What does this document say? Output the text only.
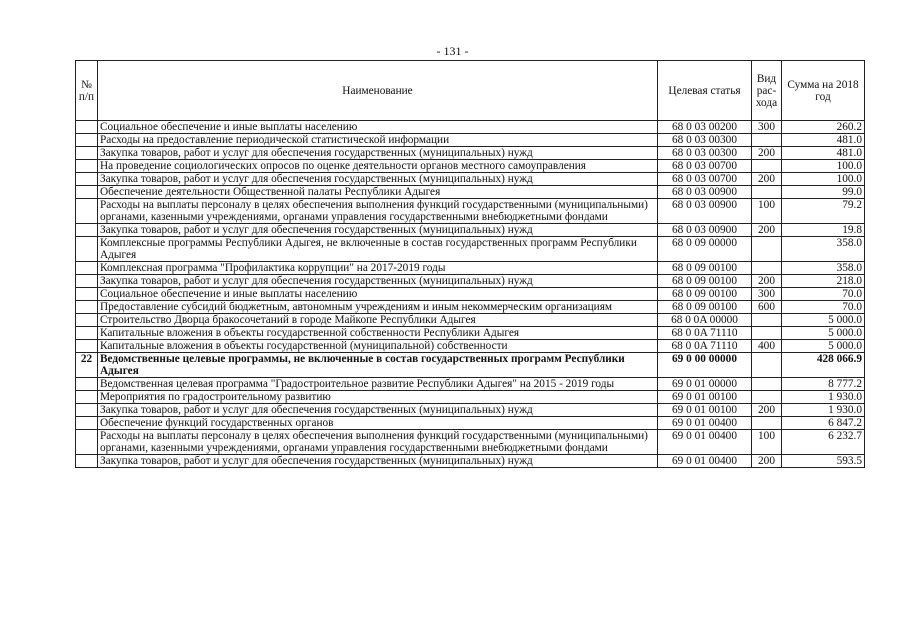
- 131 -
№ п/п	Наименование	Целевая статья	Вид рас- хода	Сумма на 2018 год
	Социальное обеспечение и иные выплаты населению	68 0 03 00200	300	260.2
	Расходы на предоставление периодической статистической информации	68 0 03 00300		481.0
	Закупка товаров, работ и услуг для обеспечения государственных (муниципальных) нужд	68 0 03 00300	200	481.0
	На проведение социологических опросов по оценке деятельности органов местного самоуправления	68 0 03 00700		100.0
	Закупка товаров, работ и услуг для обеспечения государственных (муниципальных) нужд	68 0 03 00700	200	100.0
	Обеспечение деятельности Общественной палаты Республики Адыгея	68 0 03 00900		99.0
	Расходы на выплаты персоналу в целях обеспечения выполнения функций государственными (муниципальными) органами, казенными учреждениями, органами управления государственными внебюджетными фондами	68 0 03 00900	100	79.2
	Закупка товаров, работ и услуг для обеспечения государственных (муниципальных) нужд	68 0 03 00900	200	19.8
	Комплексные программы Республики Адыгея, не включенные в состав государственных программ Республики Адыгея	68 0 09 00000		358.0
	Комплексная программа "Профилактика коррупции" на 2017-2019 годы	68 0 09 00100		358.0
	Закупка товаров, работ и услуг для обеспечения государственных (муниципальных) нужд	68 0 09 00100	200	218.0
	Социальное обеспечение и иные выплаты населению	68 0 09 00100	300	70.0
	Предоставление субсидий бюджетным, автономным учреждениям и иным некоммерческим организациям	68 0 09 00100	600	70.0
	Строительство Дворца бракосочетаний в городе Майкопе Республики Адыгея	68 0 0A 00000		5 000.0
	Капитальные вложения в объекты государственной собственности Республики Адыгея	68 0 0A 71110		5 000.0
	Капитальные вложения в объекты государственной (муниципальной) собственности	68 0 0A 71110	400	5 000.0
22	Ведомственные целевые программы, не включенные в состав государственных программ Республики Адыгея	69 0 00 00000		428 066.9
	Ведомственная целевая программа "Градостроительное развитие Республики Адыгея" на 2015 - 2019 годы	69 0 01 00000		8 777.2
	Мероприятия по градостроительному развитию	69 0 01 00100		1 930.0
	Закупка товаров, работ и услуг для обеспечения государственных (муниципальных) нужд	69 0 01 00100	200	1 930.0
	Обеспечение функций государственных органов	69 0 01 00400		6 847.2
	Расходы на выплаты персоналу в целях обеспечения выполнения функций государственными (муниципальными) органами, казенными учреждениями, органами управления государственными внебюджетными фондами	69 0 01 00400	100	6 232.7
	Закупка товаров, работ и услуг для обеспечения государственных (муниципальных) нужд	69 0 01 00400	200	593.5
